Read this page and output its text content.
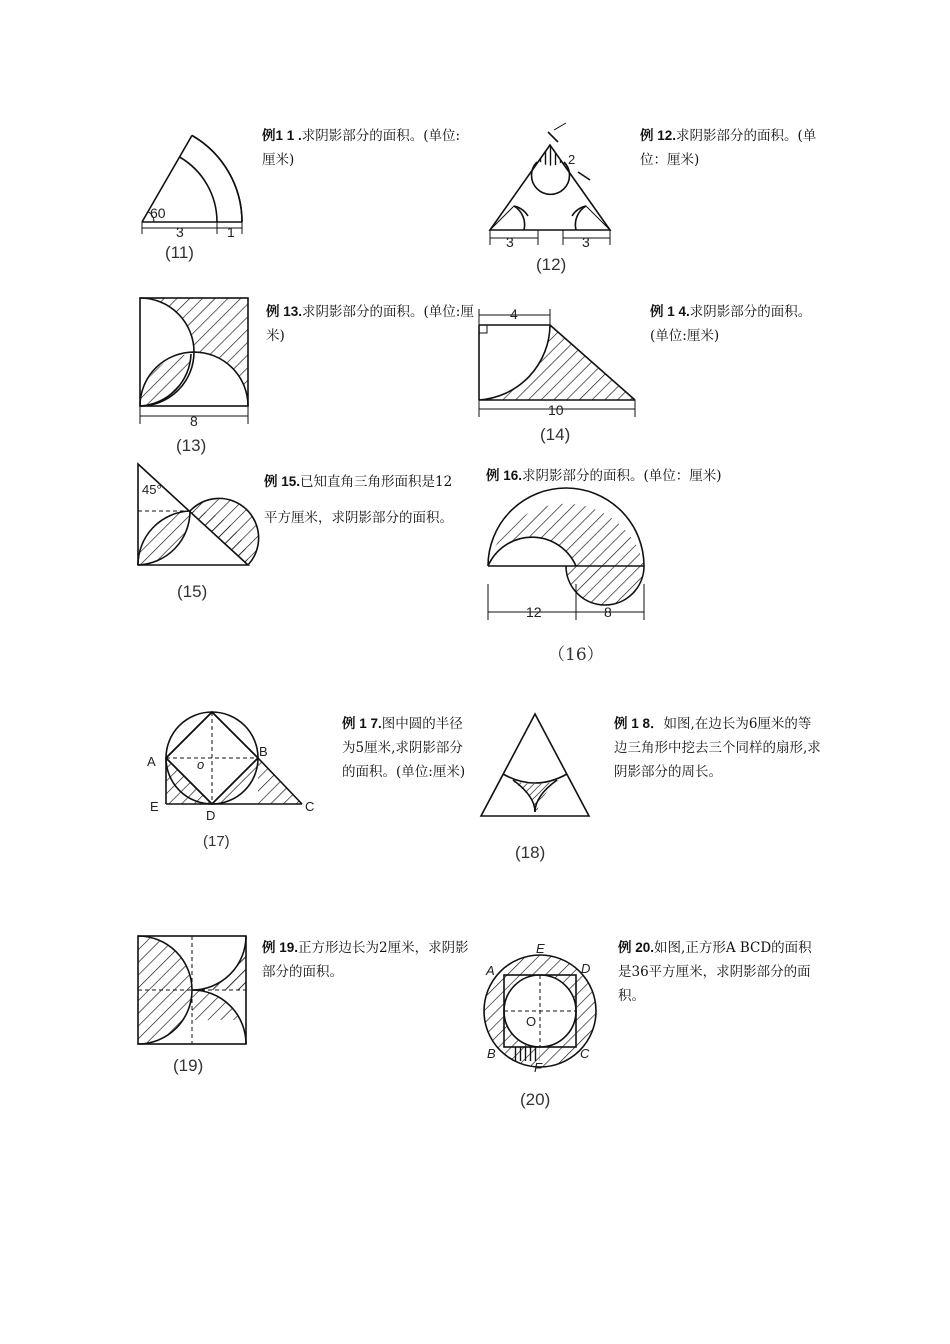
60
3	1
(11)
例1 1 .求阴影部分的面积。(单位:厘米)
3	3
2
(12)
例 12.求阴影部分的面积。(单位：厘米)
8
(13)
例 13.求阴影部分的面积。(单位:厘米)
4
10
(14)
例 1 4.求阴影部分的面积。(单位:厘米)
45°
(15)
例 15.已知直角三角形面积是12平方厘米，求阴影部分的面积。
12	8
（16）
例 16.求阴影部分的面积。(单位：厘米)
A
B
o
E
D
C
(17)
例 1 7.图中圆的半径为5厘米,求阴影部分的面积。(单位:厘米)
(18)
例 1 8．如图,在边长为6厘米的等边三角形中挖去三个同样的扇形,求阴影部分的周长。
(19)
例 19.正方形边长为2厘米，求阴影部分的面积。
E
A	D
O
B
F
C
(20)
例 20.如图,正方形A BCD的面积是36平方厘米，求阴影部分的面积。
